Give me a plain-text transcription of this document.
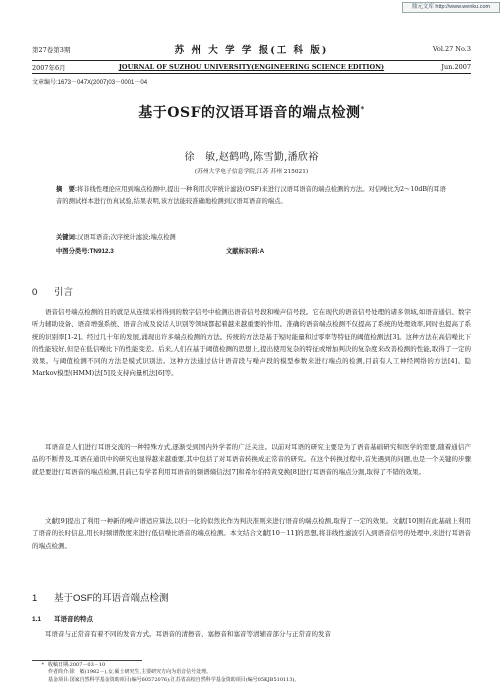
鼎元文库 http://www.wenku.com
第27卷第3期	苏 州 大 学 学 报(工 科 版)	Vol.27 No.3
2007年6月	JOURNAL OF SUZHOU UNIVERSITY(ENGINEERING SCIENCE EDITION)	Jun.2007
文章编号:1673－047X(2007)03－0001－04
基于OSF的汉语耳语音的端点检测*
徐　敏,赵鹤鸣,陈雪勤,潘欣裕
(苏州大学电子信息学院,江苏 苏州 215021)
摘　要:将非线性理论应用到端点检测中,提出一种利用次序统计滤波(OSF)来进行汉语耳语音的端点检测的方法。对信噪比为2～10dB的耳语音的测试样本进行仿真试验,结果表明,该方法能较准确地检测到汉语耳语音的端点。
关键词:汉语耳语音;次序统计滤波;端点检测
中图分类号:TN912.3	文献标识码:A
0 引言
语音信号端点检测的目的就是从连续采样得到的数字信号中检测出语音信号段和噪声信号段。它在现代的语音信号处理的诸多领域,如语音通信、数字听力辅助设备、语音增强系统、语音合成及说话人识别等领域都起着越来越重要的作用。准确的语音端点检测不仅提高了系统的处理效率,同时也提高了系统的识别率[1-2]。经过几十年的发展,涌现出许多端点检测的方法。传统的方法是基于短时能量和过零率等特征的阈值检测法[3]。这种方法在高信噪比下的性能较好,但是在低信噪比下的性能变差。后来,人们在基于阈值检测的思想上,提出使用复杂的特征或增加判决的复杂度来改善检测的性能,取得了一定的效果。与阈值检测不同的方法是模式识别法。这种方法通过估计语音段与噪声段的模型参数来进行端点的检测,目前有人工神经网络的方法[4]、隐Markov模型(HMM)法[5]及支持向量机法[6]等。
耳语音是人们进行耳语交流的一种特殊方式,逐渐受到国内外学者的广泛关注。以前对耳语的研究主要是为了语音基础研究和医学的需要,随着通信产品的不断普及,耳语在通讯中的研究也显得越来越重要,其中包括了对耳语音转换成正常音的研究。在这个转换过程中,首先遇到的问题,也是一个关键的步骤就是要进行耳语音的端点检测,目前已有学者利用耳语音的频谱熵信法[7]和希尔伯特黄变换[8]进行耳语音的端点分割,取得了不错的效果。
文献[9]提出了利用一种新的噪声谱适应算法,以归一化的似然比作为判决准则来进行语音的端点检测,取得了一定的效果。文献[10]则在此基础上利用了语音的长时信息,用长时频谱散度来进行低信噪比语音的端点检测。本文结合文献[10－11]的思想,将非线性滤波引入到语音信号的处理中,来进行耳语音的端点检测。
1 基于OSF的耳语音端点检测
1.1 耳语音的特点
耳语音与正常音有着不同的发音方式。耳语音的清擦音、塞擦音和塞音等清辅音部分与正常音的发音
* 收稿日期:2007－03－10
作者简介:徐　敏(1982－),女,硕士研究生,主要研究方向为语音信号处理。
基金项目:国家自然科学基金资助项目(编号60572076);江苏省高校自然科学基金资助项目(编号05KJB510113)。
